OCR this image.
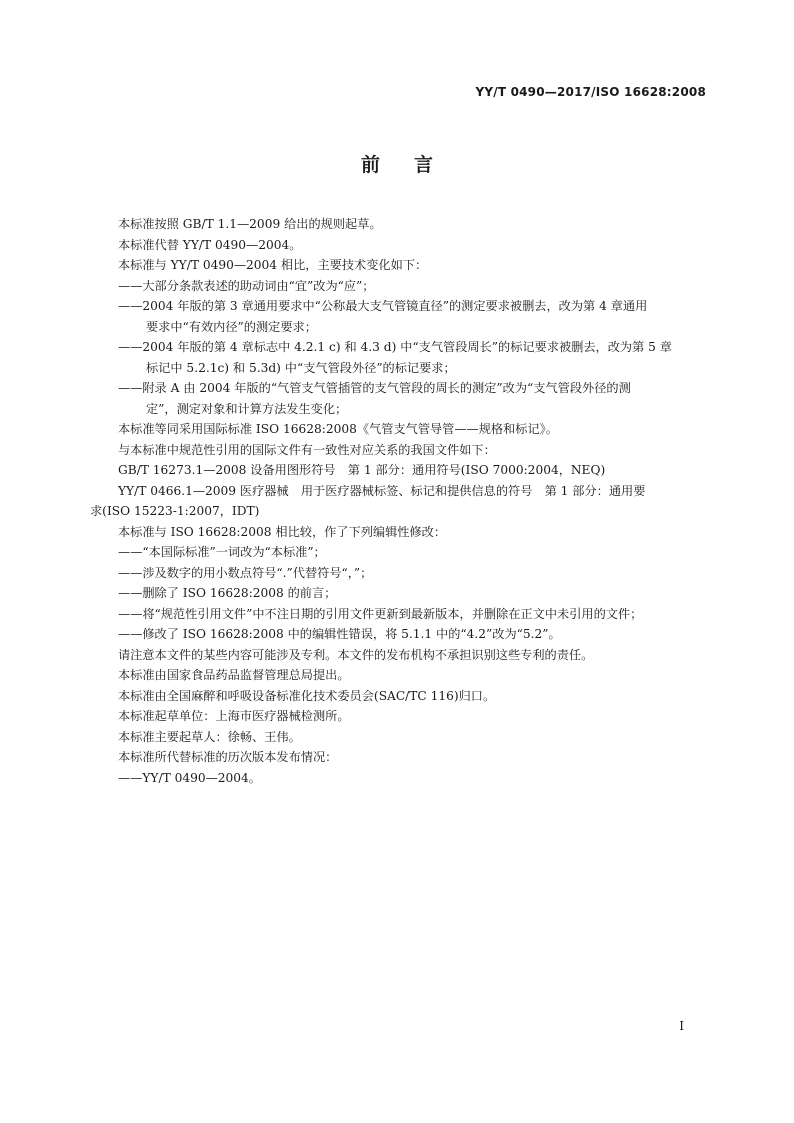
YY/T 0490—2017/ISO 16628:2008
前言
本标准按照 GB/T 1.1—2009 给出的规则起草。
本标准代替 YY/T 0490—2004。
本标准与 YY/T 0490—2004 相比，主要技术变化如下：
——大部分条款表述的助动词由“宜”改为“应”；
——2004 年版的第 3 章通用要求中“公称最大支气管镜直径”的测定要求被删去，改为第 4 章通用
要求中“有效内径”的测定要求；
——2004 年版的第 4 章标志中 4.2.1 c) 和 4.3 d) 中“支气管段周长”的标记要求被删去，改为第 5 章
标记中 5.2.1c) 和 5.3d) 中“支气管段外径”的标记要求；
——附录 A 由 2004 年版的“气管支气管插管的支气管段的周长的测定”改为“支气管段外径的测
定”，测定对象和计算方法发生变化；
本标准等同采用国际标准 ISO 16628:2008《气管支气管导管——规格和标记》。
与本标准中规范性引用的国际文件有一致性对应关系的我国文件如下：
GB/T 16273.1—2008 设备用图形符号　第 1 部分：通用符号(ISO 7000:2004，NEQ)
YY/T 0466.1—2009 医疗器械　用于医疗器械标签、标记和提供信息的符号　第 1 部分：通用要
求(ISO 15223-1:2007，IDT)
本标准与 ISO 16628:2008 相比较，作了下列编辑性修改：
——“本国际标准”一词改为“本标准”；
——涉及数字的用小数点符号“.”代替符号“，”；
——删除了 ISO 16628:2008 的前言；
——将“规范性引用文件”中不注日期的引用文件更新到最新版本，并删除在正文中未引用的文件；
——修改了 ISO 16628:2008 中的编辑性错误，将 5.1.1 中的“4.2”改为“5.2”。
请注意本文件的某些内容可能涉及专利。本文件的发布机构不承担识别这些专利的责任。
本标准由国家食品药品监督管理总局提出。
本标准由全国麻醉和呼吸设备标准化技术委员会(SAC/TC 116)归口。
本标准起草单位：上海市医疗器械检测所。
本标准主要起草人：徐畅、王伟。
本标准所代替标准的历次版本发布情况：
——YY/T 0490—2004。
I
